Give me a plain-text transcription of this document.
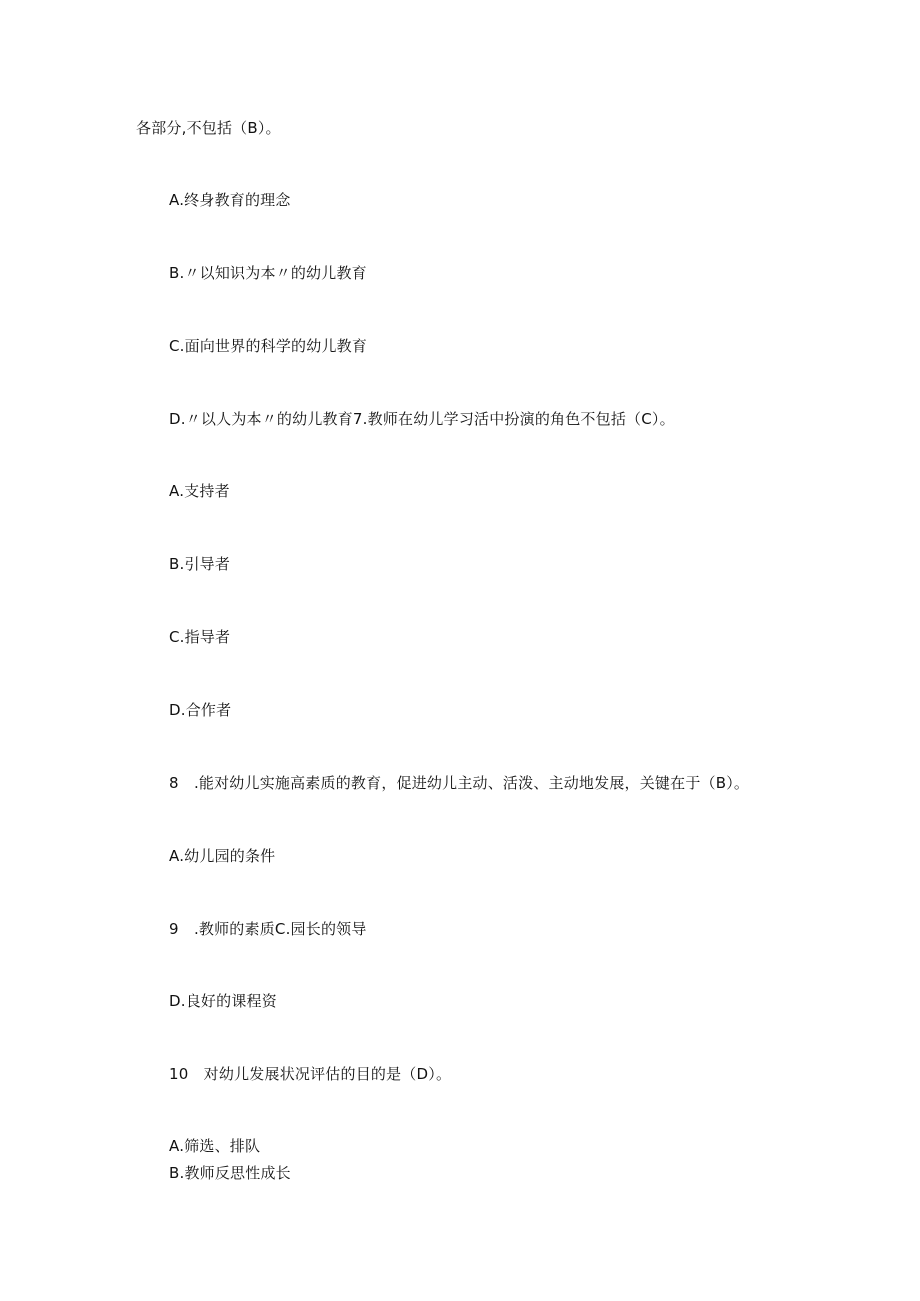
各部分,不包括（B）。
A.终身教育的理念
B.〃以知识为本〃的幼儿教育
C.面向世界的科学的幼儿教育
D.〃以人为本〃的幼儿教育7.教师在幼儿学习活中扮演的角色不包括（C）。
A.支持者
B.引导者
C.指导者
D.合作者
8　.能对幼儿实施高素质的教育，促进幼儿主动、活泼、主动地发展，关键在于（B）。
A.幼儿园的条件
9　.教师的素质C.园长的领导
D.良好的课程资
10　对幼儿发展状况评估的目的是（D）。
A.筛选、排队
B.教师反思性成长
